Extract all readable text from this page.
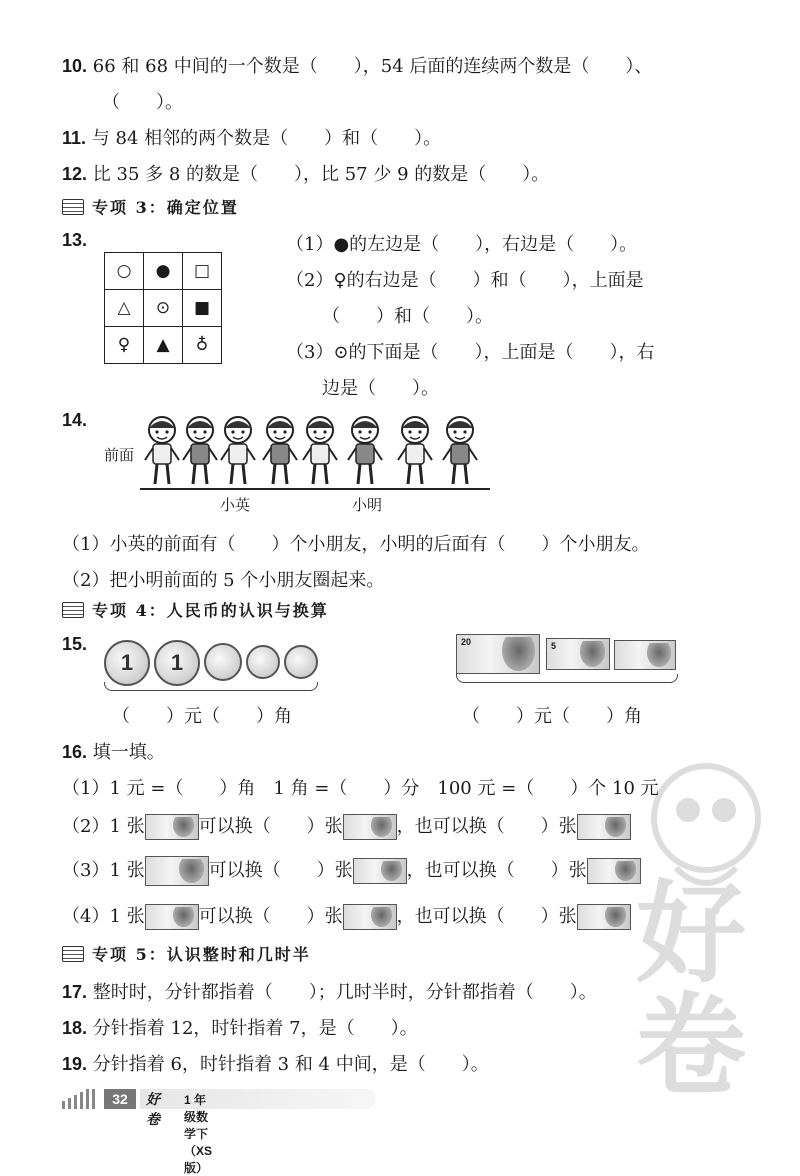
10. 66 和 68 中间的一个数是（　　），54 后面的连续两个数是（　　）、
（　　）。
11. 与 84 相邻的两个数是（　　）和（　　）。
12. 比 35 多 8 的数是（　　），比 57 少 9 的数是（　　）。
专项 3：确定位置
13.
○	●	□
△	⊙	■
♀	▲	♁
（1）●的左边是（　　），右边是（　　）。
（2）♀的右边是（　　）和（　　），上面是
（　　）和（　　）。
（3）⊙的下面是（　　），上面是（　　），右
边是（　　）。
14.
前面
小英	小明
（1）小英的前面有（　　）个小朋友，小明的后面有（　　）个小朋友。
（2）把小明前面的 5 个小朋友圈起来。
专项 4：人民币的认识与换算
15.
1	1
20	5
（　　）元（　　）角	（　　）元（　　）角
16. 填一填。
（1）1 元 =（　　）角　1 角 =（　　）分　100 元 =（　　）个 10 元
（2）1 张	可以换（　　）张	，也可以换（　　）张
（3）1 张	可以换（　　）张	，也可以换（　　）张
（4）1 张	可以换（　　）张	，也可以换（　　）张
专项 5：认识整时和几时半
17. 整时时，分针都指着（　　）；几时半时，分针都指着（　　）。
18. 分针指着 12，时针指着 7，是（　　）。
19. 分针指着 6，时针指着 3 和 4 中间，是（　　）。
32	好卷
1 年级数学下（XS 版）
好卷
